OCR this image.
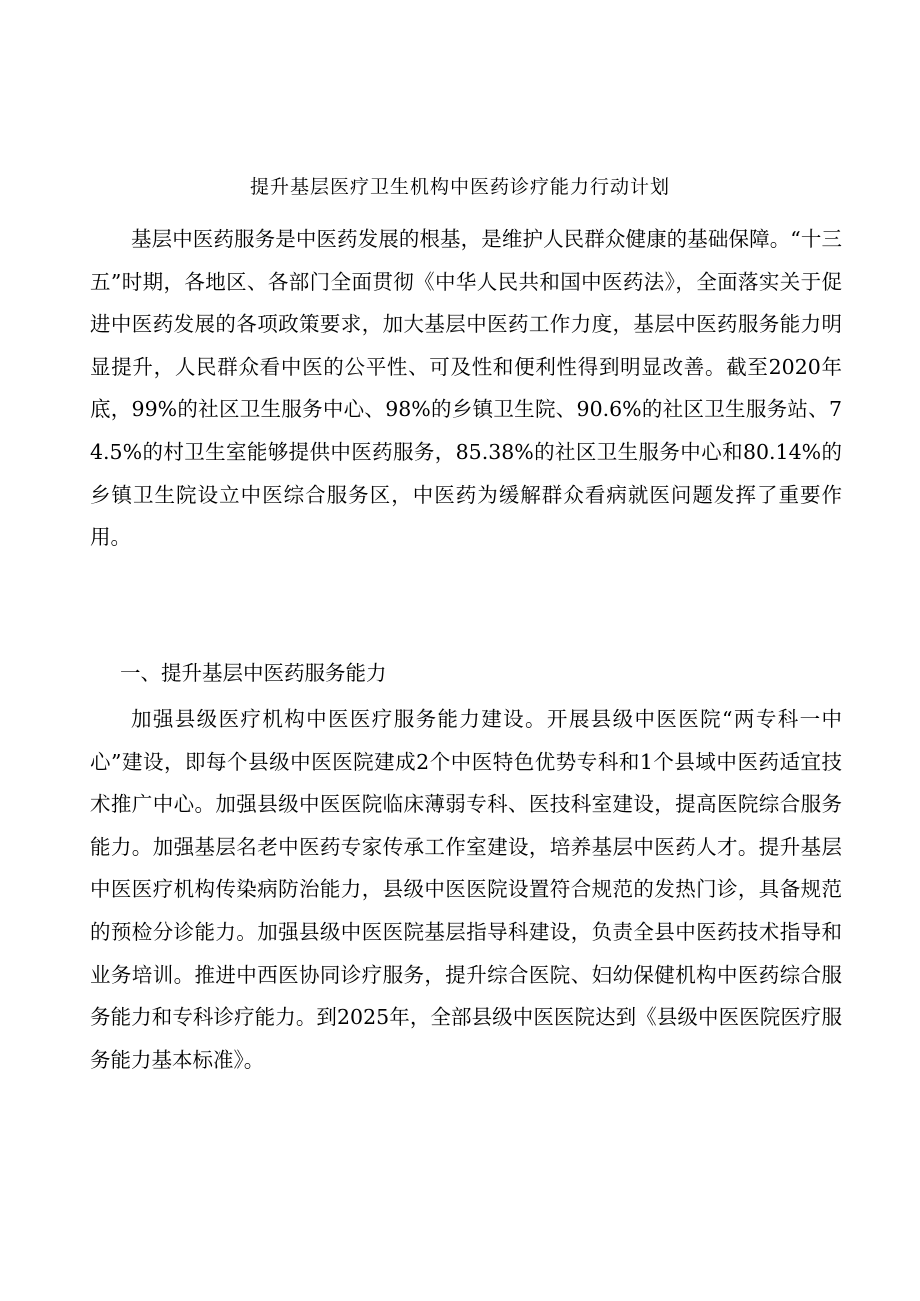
提升基层医疗卫生机构中医药诊疗能力行动计划

基层中医药服务是中医药发展的根基，是维护人民群众健康的基础保障。“十三五”时期，各地区、各部门全面贯彻《中华人民共和国中医药法》，全面落实关于促进中医药发展的各项政策要求，加大基层中医药工作力度，基层中医药服务能力明显提升，人民群众看中医的公平性、可及性和便利性得到明显改善。截至2020年底，99%的社区卫生服务中心、98%的乡镇卫生院、90.6%的社区卫生服务站、74.5%的村卫生室能够提供中医药服务，85.38%的社区卫生服务中心和80.14%的乡镇卫生院设立中医综合服务区，中医药为缓解群众看病就医问题发挥了重要作用。

一、提升基层中医药服务能力

加强县级医疗机构中医医疗服务能力建设。开展县级中医医院“两专科一中心”建设，即每个县级中医医院建成2个中医特色优势专科和1个县域中医药适宜技术推广中心。加强县级中医医院临床薄弱专科、医技科室建设，提高医院综合服务能力。加强基层名老中医药专家传承工作室建设，培养基层中医药人才。提升基层中医医疗机构传染病防治能力，县级中医医院设置符合规范的发热门诊，具备规范的预检分诊能力。加强县级中医医院基层指导科建设，负责全县中医药技术指导和业务培训。推进中西医协同诊疗服务，提升综合医院、妇幼保健机构中医药综合服务能力和专科诊疗能力。到2025年，全部县级中医医院达到《县级中医医院医疗服务能力基本标准》。
